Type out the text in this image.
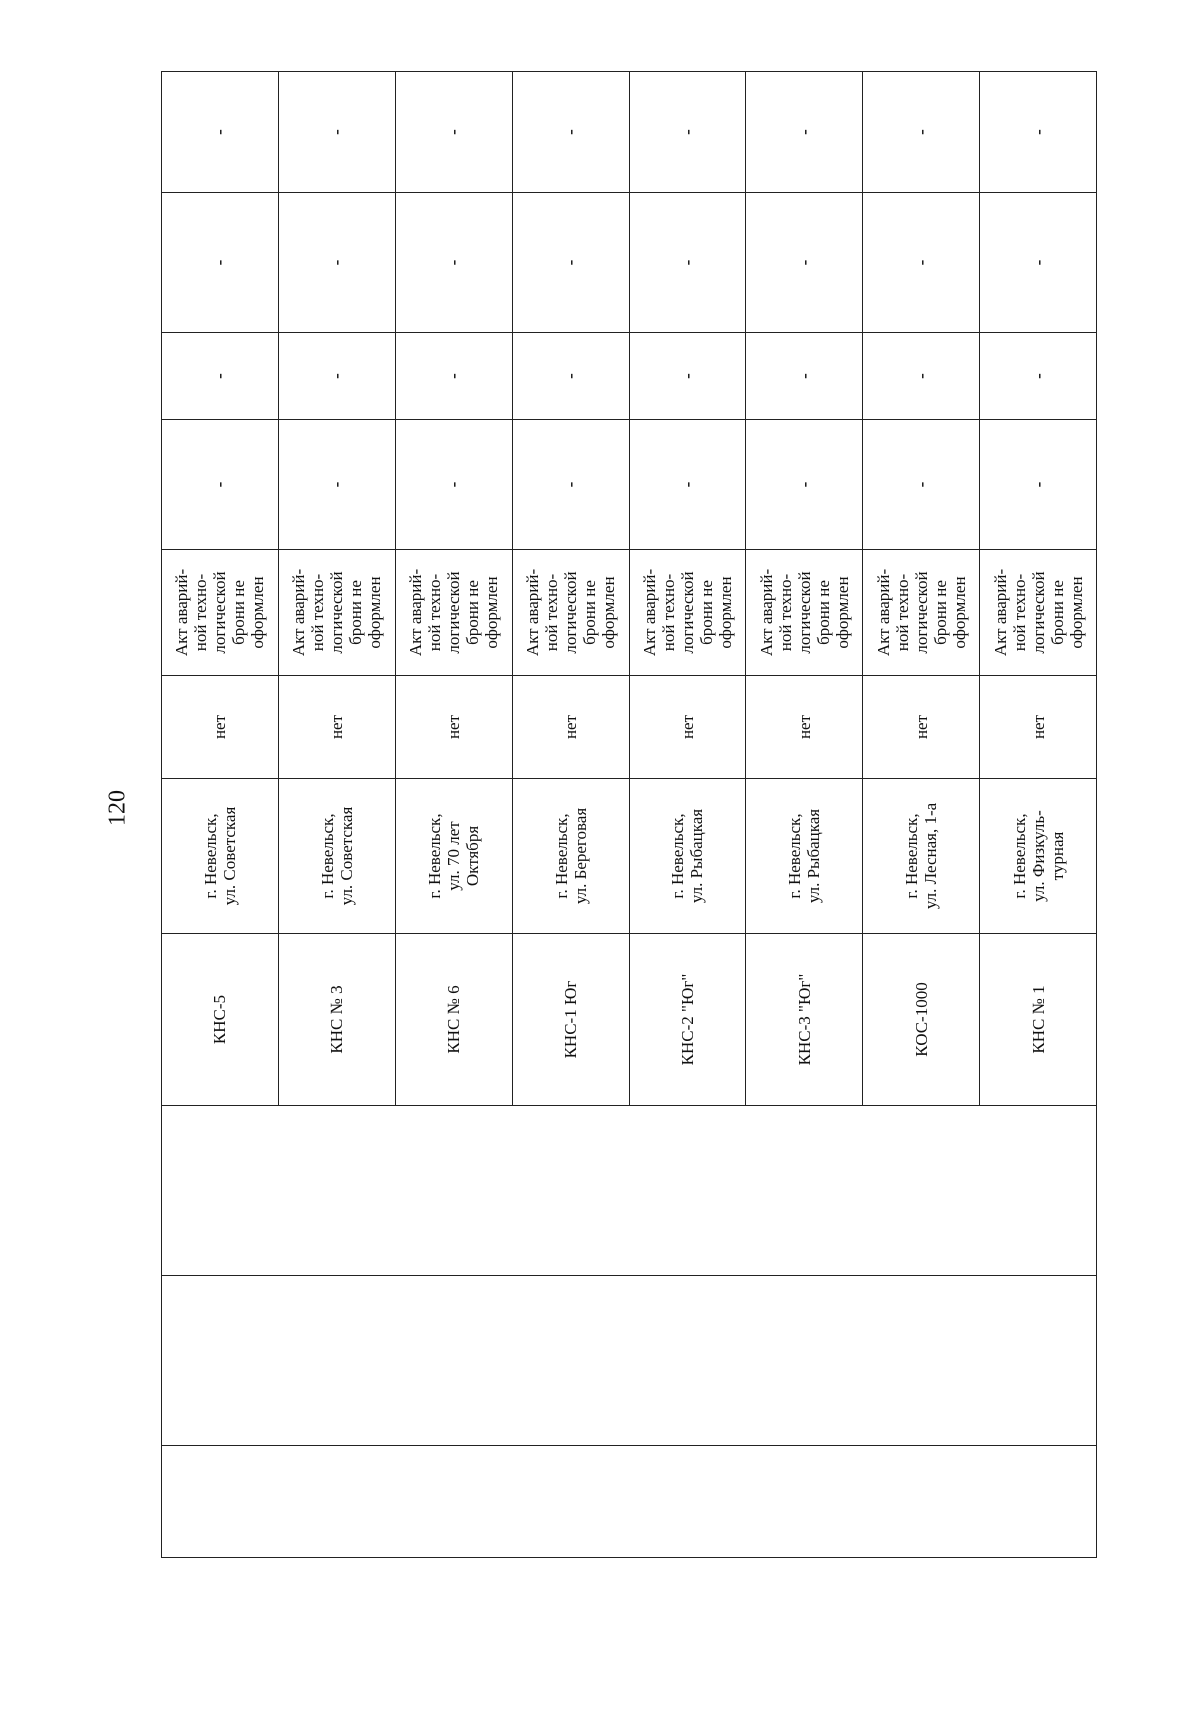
120
			КНС-5	г. Невельск,
ул. Советская	нет	Акт аварий-
ной техно-
логической
брони не
оформлен	-	-	-	-
			КНС № 3	г. Невельск,
ул. Советская	нет	Акт аварий-
ной техно-
логической
брони не
оформлен	-	-	-	-
			КНС № 6	г. Невельск,
ул. 70 лет
Октября	нет	Акт аварий-
ной техно-
логической
брони не
оформлен	-	-	-	-
			КНС-1 Юг	г. Невельск,
ул. Береговая	нет	Акт аварий-
ной техно-
логической
брони не
оформлен	-	-	-	-
			КНС-2 "Юг"	г. Невельск,
ул. Рыбацкая	нет	Акт аварий-
ной техно-
логической
брони не
оформлен	-	-	-	-
			КНС-3 "Юг"	г. Невельск,
ул. Рыбацкая	нет	Акт аварий-
ной техно-
логической
брони не
оформлен	-	-	-	-
			КОС-1000	г. Невельск,
ул. Лесная, 1-а	нет	Акт аварий-
ной техно-
логической
брони не
оформлен	-	-	-	-
			КНС № 1	г. Невельск,
ул. Физкуль-
турная	нет	Акт аварий-
ной техно-
логической
брони не
оформлен	-	-	-	-
